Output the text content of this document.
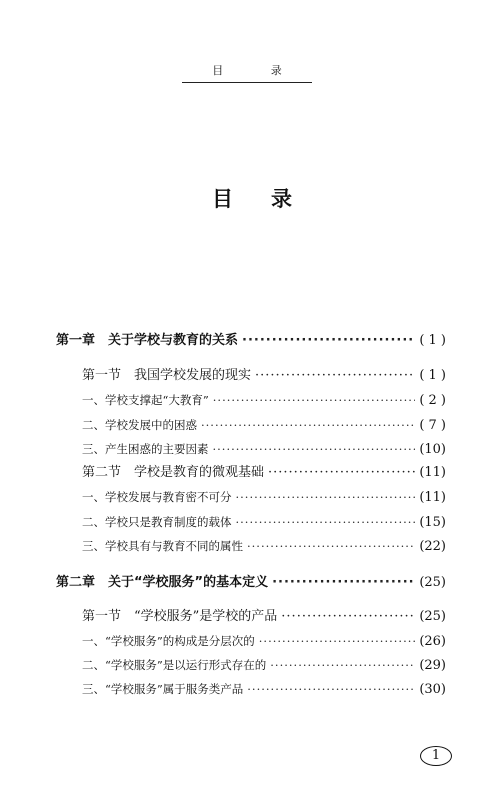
目 录
目录
第一章　关于学校与教育的关系 ·····	( 1 )
第一节　我国学校发展的现实 ·····	( 1 )
一、学校支撑起“大教育” ·····	( 2 )
二、学校发展中的困惑 ·····	( 7 )
三、产生困惑的主要因素 ·····	(10)
第二节　学校是教育的微观基础 ·····	(11)
一、学校发展与教育密不可分 ·····	(11)
二、学校只是教育制度的载体 ·····	(15)
三、学校具有与教育不同的属性 ·····	(22)
第二章　关于“学校服务”的基本定义 ·····	(25)
第一节　“学校服务”是学校的产品 ·····	(25)
一、“学校服务”的构成是分层次的 ·····	(26)
二、“学校服务”是以运行形式存在的 ·····	(29)
三、“学校服务”属于服务类产品 ·····	(30)
1
